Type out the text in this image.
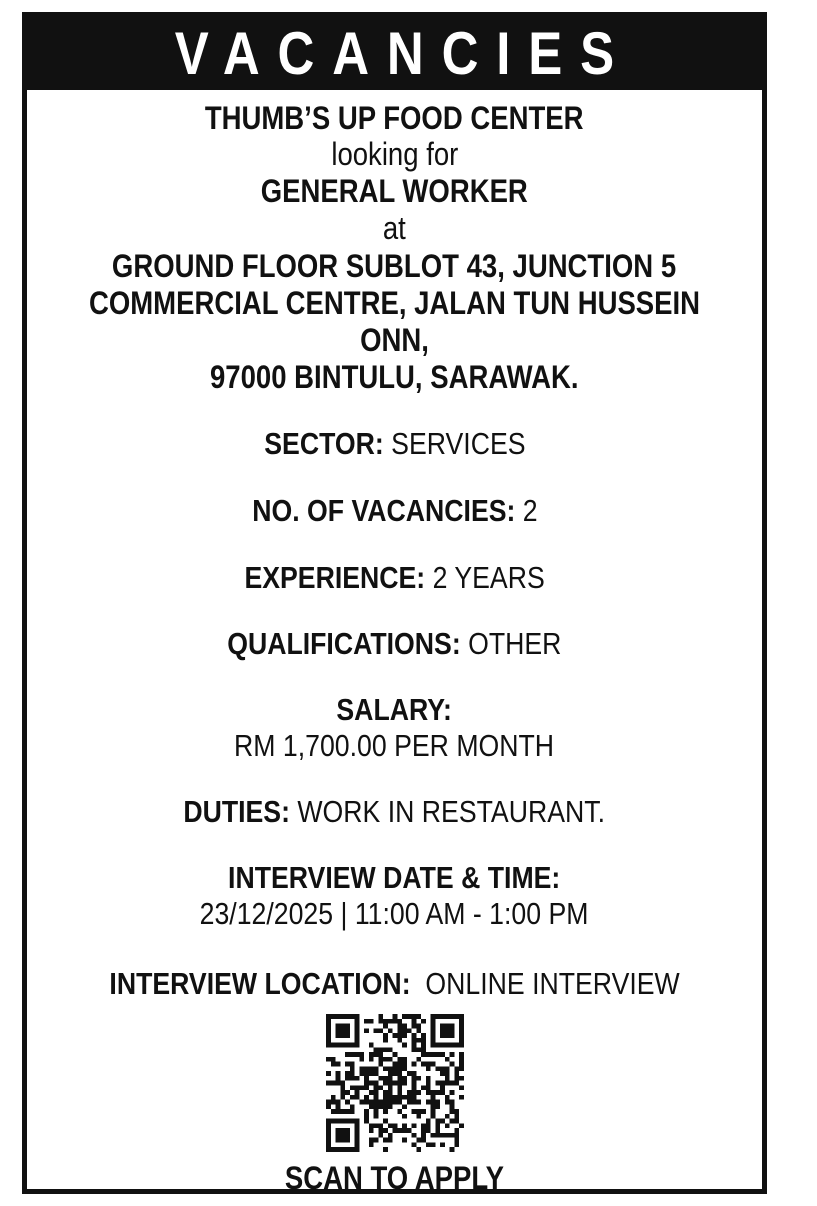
VACANCIES
THUMB’S UP FOOD CENTER
looking for
GENERAL WORKER
at
GROUND FLOOR SUBLOT 43, JUNCTION 5
COMMERCIAL CENTRE, JALAN TUN HUSSEIN ONN,
97000 BINTULU, SARAWAK.
SECTOR: SERVICES
NO. OF VACANCIES: 2
EXPERIENCE: 2 YEARS
QUALIFICATIONS: OTHER
SALARY:
RM 1,700.00 PER MONTH
DUTIES: WORK IN RESTAURANT.
INTERVIEW DATE & TIME:
23/12/2025 | 11:00 AM - 1:00 PM
INTERVIEW LOCATION: ONLINE INTERVIEW
SCAN TO APPLY
